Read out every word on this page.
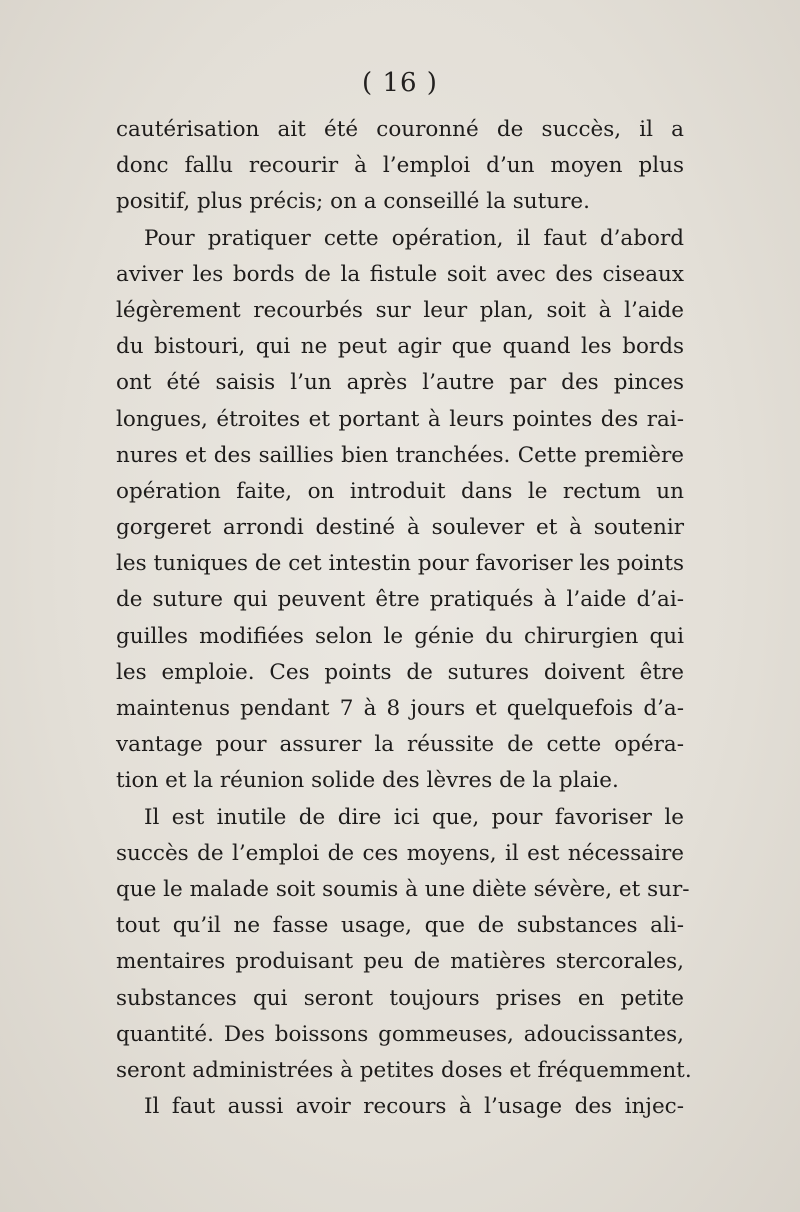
( 16 )
cautérisation ait été couronné de succès, il a
donc fallu recourir à l’emploi d’un moyen plus
positif, plus précis; on a conseillé la suture.
Pour pratiquer cette opération, il faut d’abord
aviver les bords de la fistule soit avec des ciseaux
légèrement recourbés sur leur plan, soit à l’aide
du bistouri, qui ne peut agir que quand les bords
ont été saisis l’un après l’autre par des pinces
longues, étroites et portant à leurs pointes des rai-
nures et des saillies bien tranchées. Cette première
opération faite, on introduit dans le rectum un
gorgeret arrondi destiné à soulever et à soutenir
les tuniques de cet intestin pour favoriser les points
de suture qui peuvent être pratiqués à l’aide d’ai-
guilles modifiées selon le génie du chirurgien qui
les emploie. Ces points de sutures doivent être
maintenus pendant 7 à 8 jours et quelquefois d’a-
vantage pour assurer la réussite de cette opéra-
tion et la réunion solide des lèvres de la plaie.
Il est inutile de dire ici que, pour favoriser le
succès de l’emploi de ces moyens, il est nécessaire
que le malade soit soumis à une diète sévère, et sur-
tout qu’il ne fasse usage, que de substances ali-
mentaires produisant peu de matières stercorales,
substances qui seront toujours prises en petite
quantité. Des boissons gommeuses, adoucissantes,
seront administrées à petites doses et fréquemment.
Il faut aussi avoir recours à l’usage des injec-
